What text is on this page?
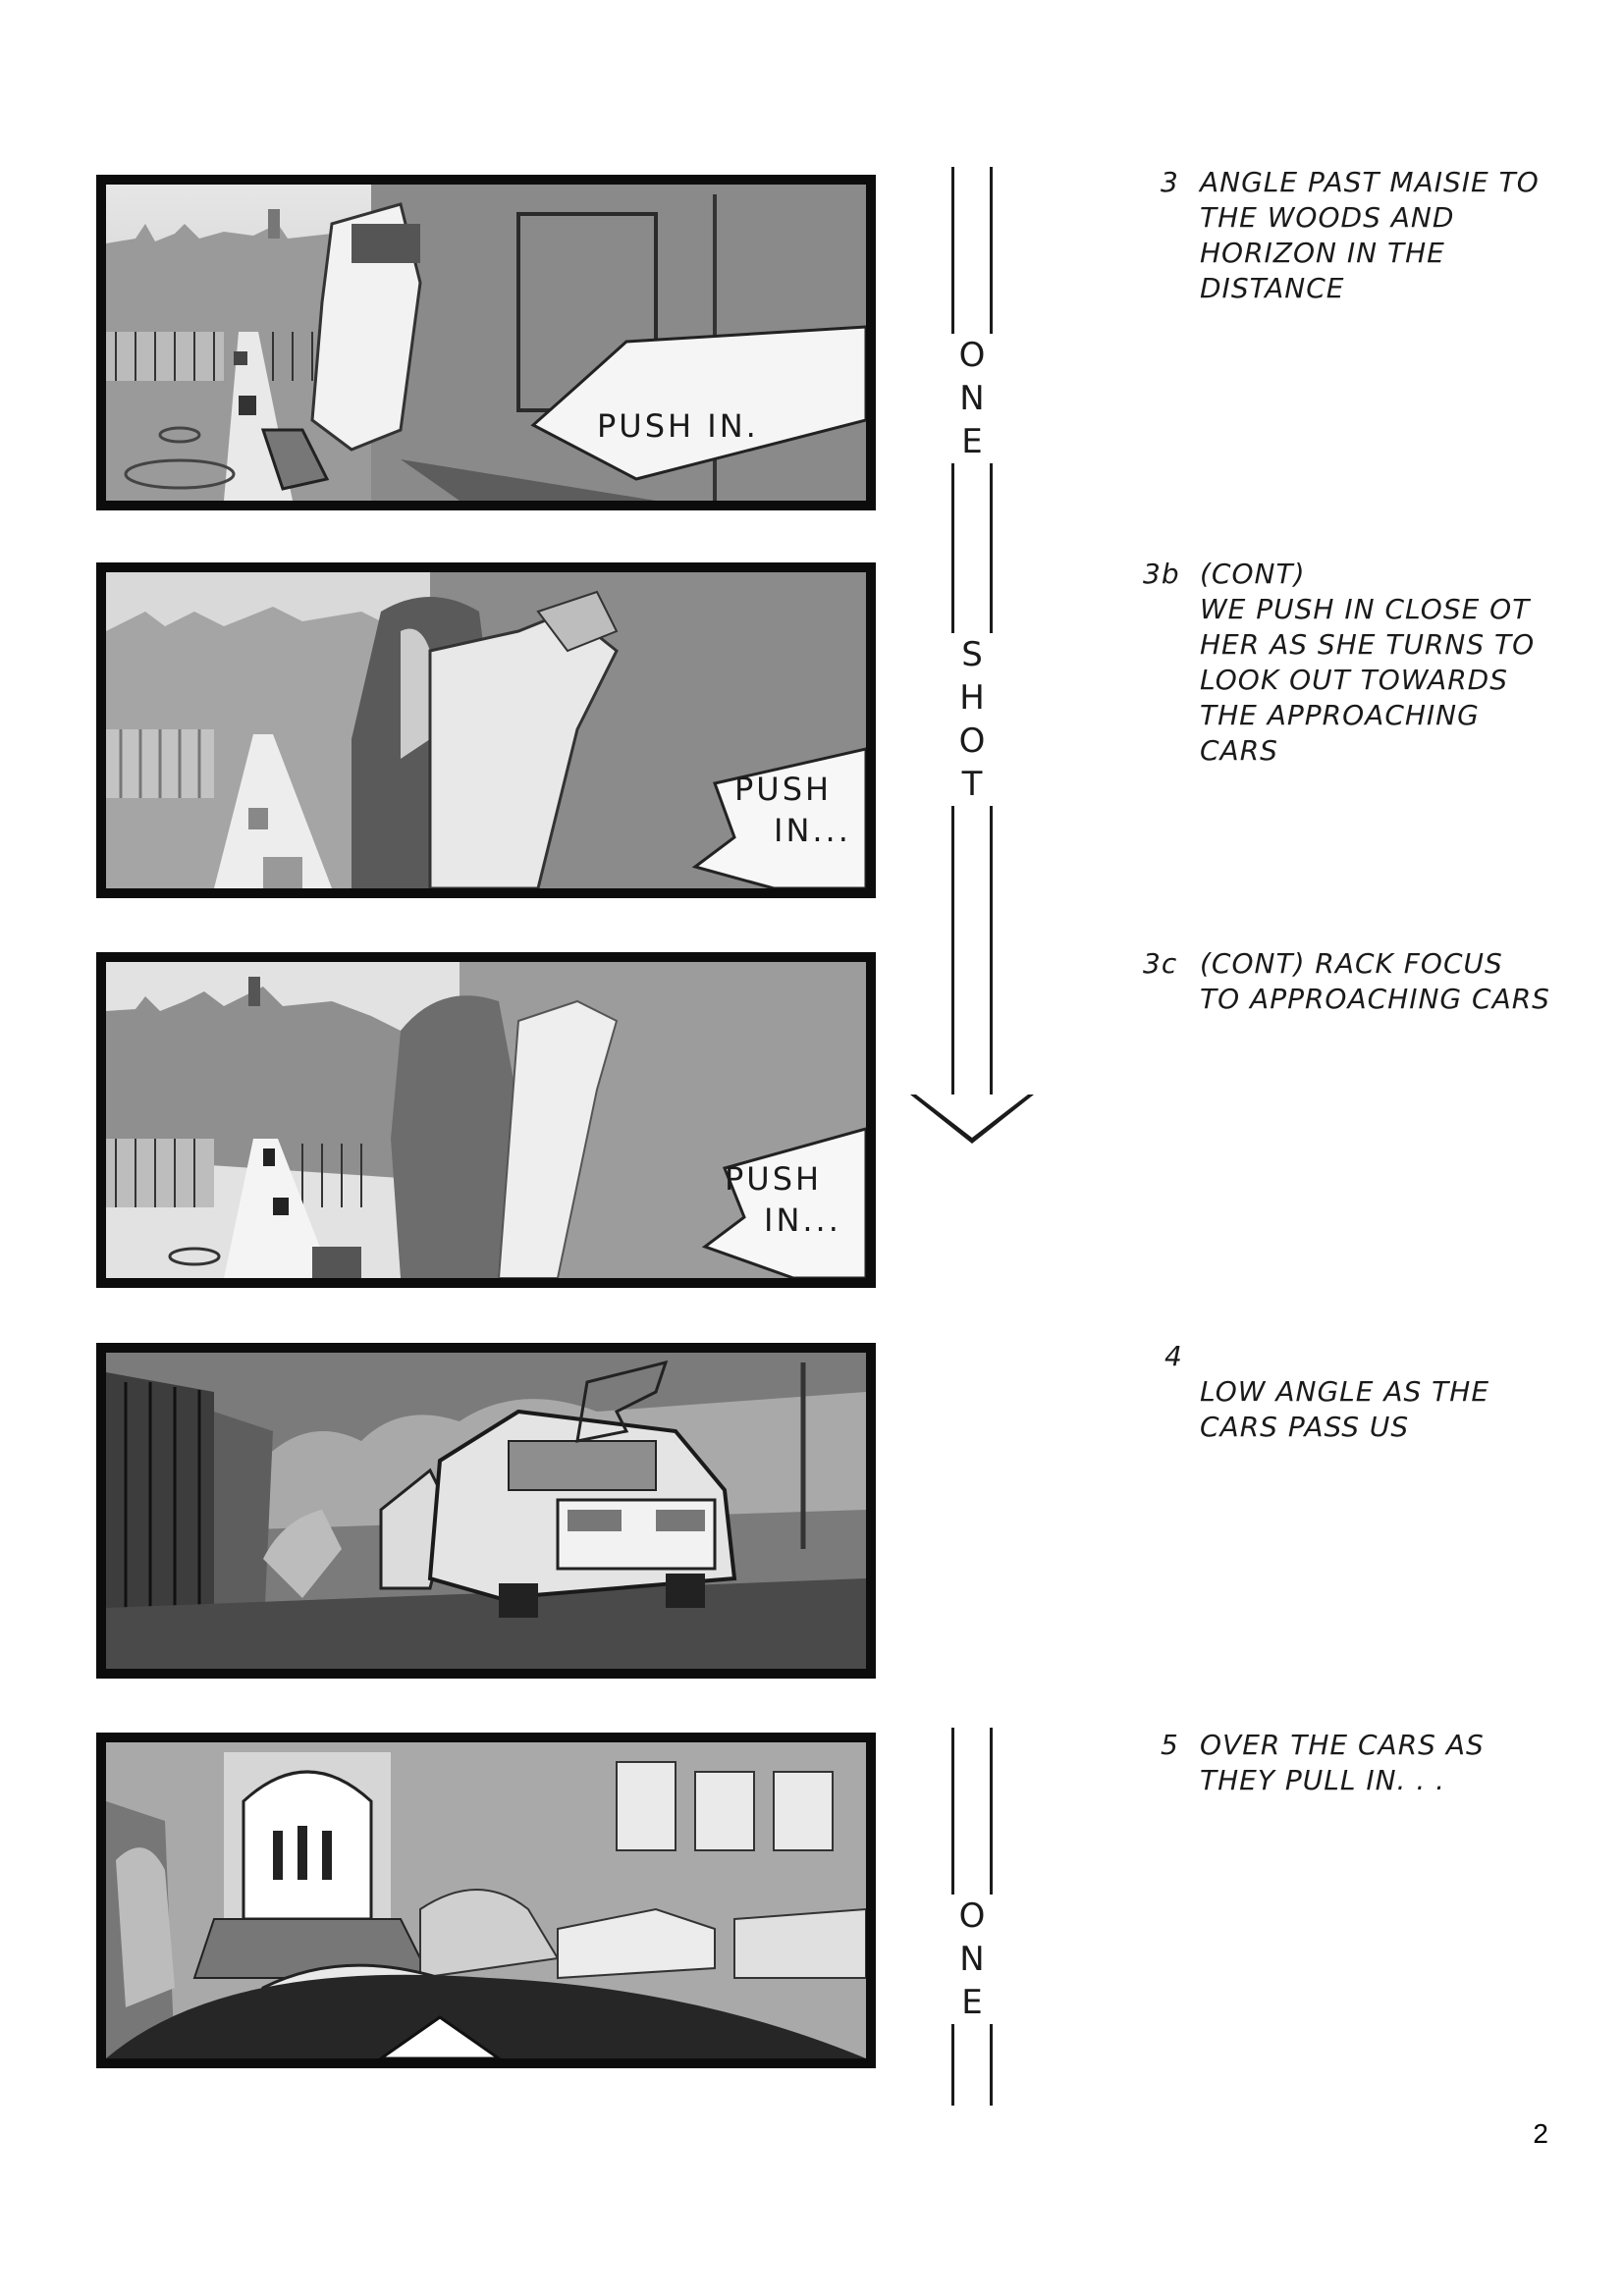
PUSH IN.
PUSH
IN...
PUSH
IN...
O
N
E
S
H
O
T
O
N
E
3 ANGLE PAST MAISIE TO
THE WOODS AND
HORIZON IN THE
DISTANCE
3b (CONT)
WE PUSH IN CLOSE OT
HER AS SHE TURNS TO
LOOK OUT TOWARDS
THE APPROACHING
CARS
3c (CONT) RACK FOCUS
TO APPROACHING CARS
4
LOW ANGLE AS THE
CARS PASS US
5 OVER THE CARS AS
THEY PULL IN. . .
2
